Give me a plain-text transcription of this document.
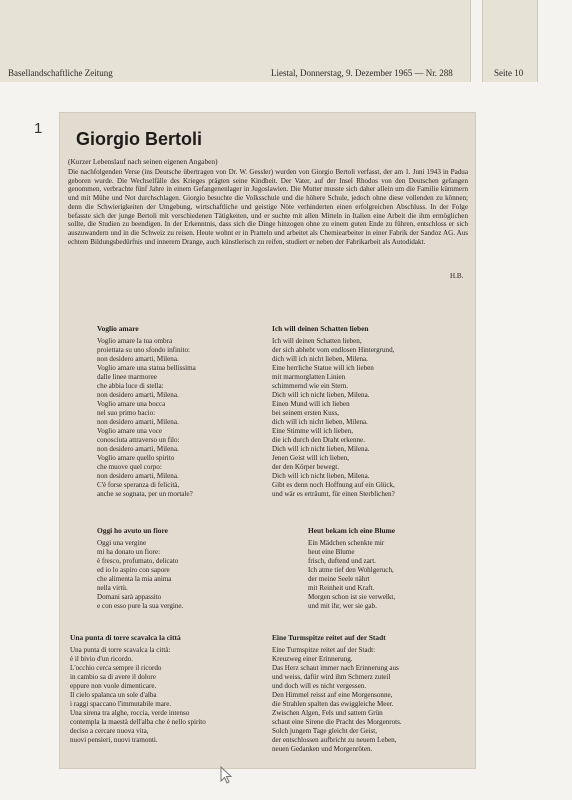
Basellandschaftliche Zeitung	Liestal, Donnerstag, 9. Dezember 1965 — Nr. 288	Seite 10
1
Giorgio Bertoli
(Kurzer Lebenslauf nach seinen eigenen Angaben)
Die nachfolgenden Verse (ins Deutsche übertragen von Dr. W. Gessler) wurden von Giorgio Bertoli verfasst, der am 1. Juni 1943 in Padua geboren wurde. Die Wechselfälle des Krieges prägten seine Kindheit. Der Vater, auf der Insel Rhodos von den Deutschen gefangen genommen, verbrachte fünf Jahre in einem Gefangenenlager in Jugoslawien. Die Mutter musste sich daher allein um die Familie kümmern und mit Mühe und Not durchschlagen. Giorgio besuchte die Volksschule und die höhere Schule, jedoch ohne diese vollenden zu können; denn die Schwierigkeiten der Umgebung, wirtschaftliche und geistige Nöte verhinderten einen erfolgreichen Abschluss. In der Folge befasste sich der junge Bertoli mit verschiedenen Tätigkeiten, und er suchte mit allen Mitteln in Italien eine Arbeit die ihm ermöglichen sollte, die Studien zu beendigen. In der Erkenntnis, dass sich die Dinge hinzogen ohne zu einem guten Ende zu führen, entschloss er sich auszuwandern und in die Schweiz zu reisen. Heute wohnt er in Pratteln und arbeitet als Chemiearbeiter in einer Fabrik der Sandoz AG. Aus echtem Bildungsbedürfnis und innerem Drange, auch künstlerisch zu reifen, studiert er neben der Fabrikarbeit als Autodidakt.
H.B.
Voglio amare
Voglio amare la tua ombra
proiettata su uno sfondo infinito:
non desidero amarti, Milena.
Voglio amare una statua bellissima
dalle linee marmoree
che abbia luce di stella:
non desidero amarti, Milena.
Voglio amare una bocca
nel suo primo bacio:
non desidero amarti, Milena.
Voglio amare una voce
conosciuta attraverso un filo:
non desidero amarti, Milena.
Voglio amare quello spirito
che muove quel corpo:
non desidero amarti, Milena.
C'è forse speranza di felicità,
anche se sognata, per un mortale?
Ich will deinen Schatten lieben
Ich will deinen Schatten lieben,
der sich abhebt vom endlosen Hintergrund,
dich will ich nicht lieben, Milena.
Eine herrliche Statue will ich lieben
mit marmorglatten Linien
schimmernd wie ein Stern.
Dich will ich nicht lieben, Milena.
Einen Mund will ich lieben
bei seinem ersten Kuss,
dich will ich nicht lieben, Milena.
Eine Stimme will ich lieben,
die ich durch den Draht erkenne.
Dich will ich nicht lieben, Milena.
Jenen Geist will ich lieben,
der den Körper bewegt.
Dich will ich nicht lieben, Milena.
Gibt es denn noch Hoffnung auf ein Glück,
und wär es erträumt, für einen Sterblichen?
Oggi ho avuto un fiore
Oggi una vergine
mi ha donato un fiore:
è fresco, profumato, delicato
ed io lo aspiro con sapore
che alimenta la mia anima
nella virtù.
Domani sarà appassito
e con esso pure la sua vergine.
Heut bekam ich eine Blume
Ein Mädchen schenkte mir
heut eine Blume
frisch, duftend und zart.
Ich atme tief den Wohlgeruch,
der meine Seele nährt
mit Reinheit und Kraft.
Morgen schon ist sie verwelkt,
und mit ihr, wer sie gab.
Una punta di torre scavalca la città
Una punta di torre scavalca la città:
è il bivio d'un ricordo.
L'occhio cerca sempre il ricordo
in cambio sa di avere il dolore
eppure non vuole dimenticare.
Il cielo spalanca un sole d'alba
i raggi spaccano l'immutabile mare.
Una sirena tra alghe, roccia, verde intenso
contempla la maestà dell'alba che è nello spirito
deciso a cercare nuova vita,
nuovi pensieri, nuovi tramonti.
Eine Turmspitze reitet auf der Stadt
Eine Turmspitze reitet auf der Stadt:
Kreuzweg einer Erinnerung.
Das Herz schaut immer nach Erinnerung aus
und weiss, dafür wird ihm Schmerz zuteil
und doch will es nicht vergessen.
Den Himmel reisst auf eine Morgensonne,
die Strahlen spalten das ewiggleiche Meer.
Zwischen Algen, Fels und sattem Grün
schaut eine Sirene die Pracht des Morgenrots.
Solch jungem Tage gleicht der Geist,
der entschlossen aufbricht zu neuem Leben,
neuen Gedanken und Morgenröten.
